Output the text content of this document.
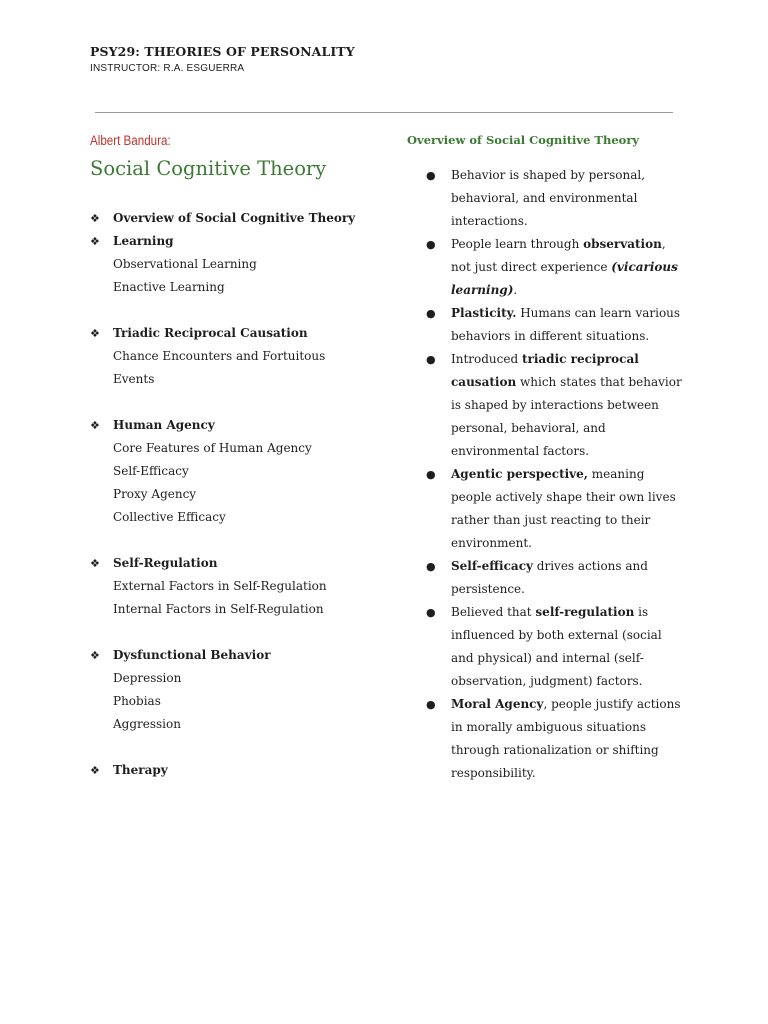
PSY29: THEORIES OF PERSONALITY
INSTRUCTOR: R.A. ESGUERRA
Albert Bandura:
Social Cognitive Theory
❖	Overview of Social Cognitive Theory
❖	Learning
Observational Learning
Enactive Learning
❖	Triadic Reciprocal Causation
Chance Encounters and Fortuitous
Events
❖	Human Agency
Core Features of Human Agency
Self-Efficacy
Proxy Agency
Collective Efficacy
❖	Self-Regulation
External Factors in Self-Regulation
Internal Factors in Self-Regulation
❖	Dysfunctional Behavior
Depression
Phobias
Aggression
❖	Therapy
Overview of Social Cognitive Theory
● Behavior is shaped by personal, behavioral, and environmental interactions.
● People learn through observation, not just direct experience (vicarious learning).
● Plasticity. Humans can learn various behaviors in different situations.
● Introduced triadic reciprocal causation which states that behavior is shaped by interactions between personal, behavioral, and environmental factors.
● Agentic perspective, meaning people actively shape their own lives rather than just reacting to their environment.
● Self-efficacy drives actions and persistence.
● Believed that self-regulation is influenced by both external (social and physical) and internal (self-observation, judgment) factors.
● Moral Agency, people justify actions in morally ambiguous situations through rationalization or shifting responsibility.
